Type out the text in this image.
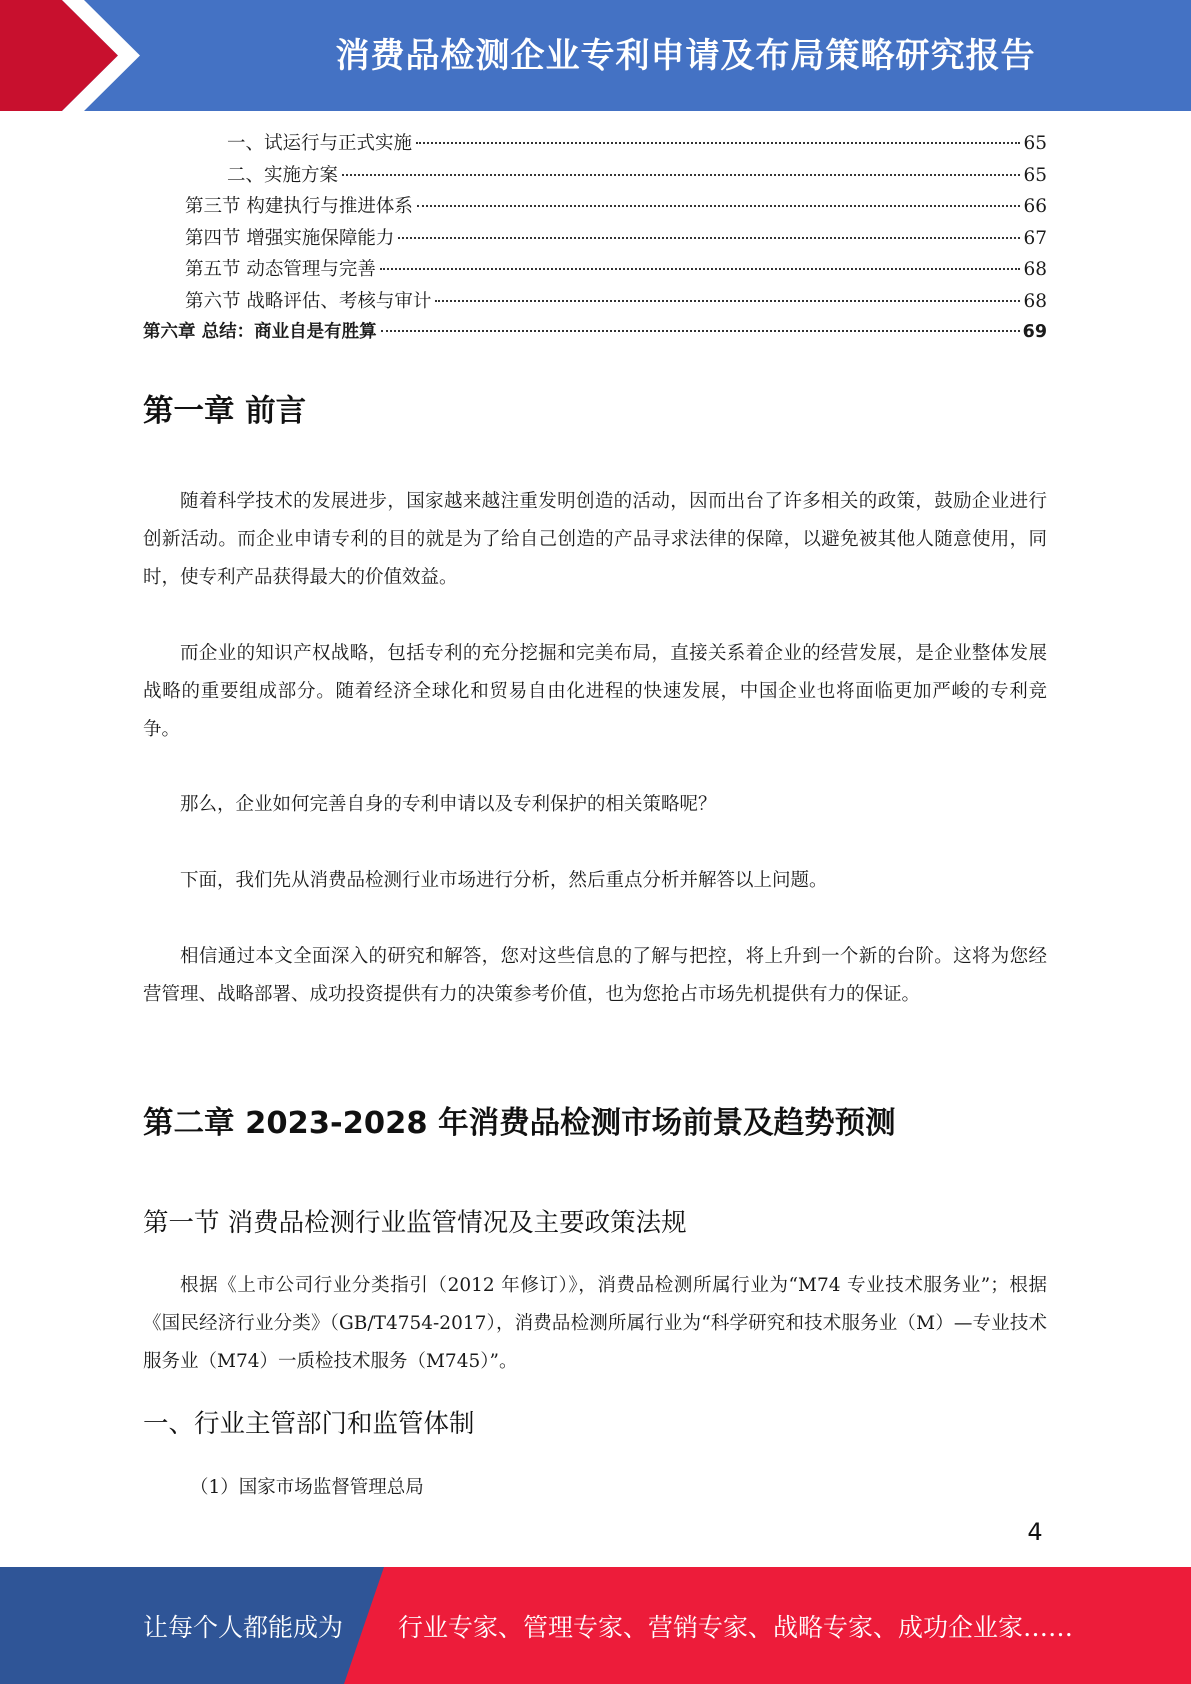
消费品检测企业专利申请及布局策略研究报告
一、试运行与正式实施	65
二、实施方案	65
第三节 构建执行与推进体系	66
第四节 增强实施保障能力	67
第五节 动态管理与完善	68
第六节 战略评估、考核与审计	68
第六章 总结：商业自是有胜算	69
第一章 前言

随着科学技术的发展进步，国家越来越注重发明创造的活动，因而出台了许多相关的政策，鼓励企业进行创新活动。而企业申请专利的目的就是为了给自己创造的产品寻求法律的保障，以避免被其他人随意使用，同时，使专利产品获得最大的价值效益。

而企业的知识产权战略，包括专利的充分挖掘和完美布局，直接关系着企业的经营发展，是企业整体发展战略的重要组成部分。随着经济全球化和贸易自由化进程的快速发展，中国企业也将面临更加严峻的专利竞争。

那么，企业如何完善自身的专利申请以及专利保护的相关策略呢？

下面，我们先从消费品检测行业市场进行分析，然后重点分析并解答以上问题。

相信通过本文全面深入的研究和解答，您对这些信息的了解与把控，将上升到一个新的台阶。这将为您经营管理、战略部署、成功投资提供有力的决策参考价值，也为您抢占市场先机提供有力的保证。

第二章 2023-2028 年消费品检测市场前景及趋势预测
第一节 消费品检测行业监管情况及主要政策法规

根据《上市公司行业分类指引（2012 年修订）》，消费品检测所属行业为“M74 专业技术服务业”；根据《国民经济行业分类》（GB/T4754-2017），消费品检测所属行业为“科学研究和技术服务业（M）—专业技术服务业（M74）一质检技术服务（M745）”。

一、行业主管部门和监管体制

（1）国家市场监督管理总局

4
让每个人都能成为 行业专家、管理专家、营销专家、战略专家、成功企业家……
